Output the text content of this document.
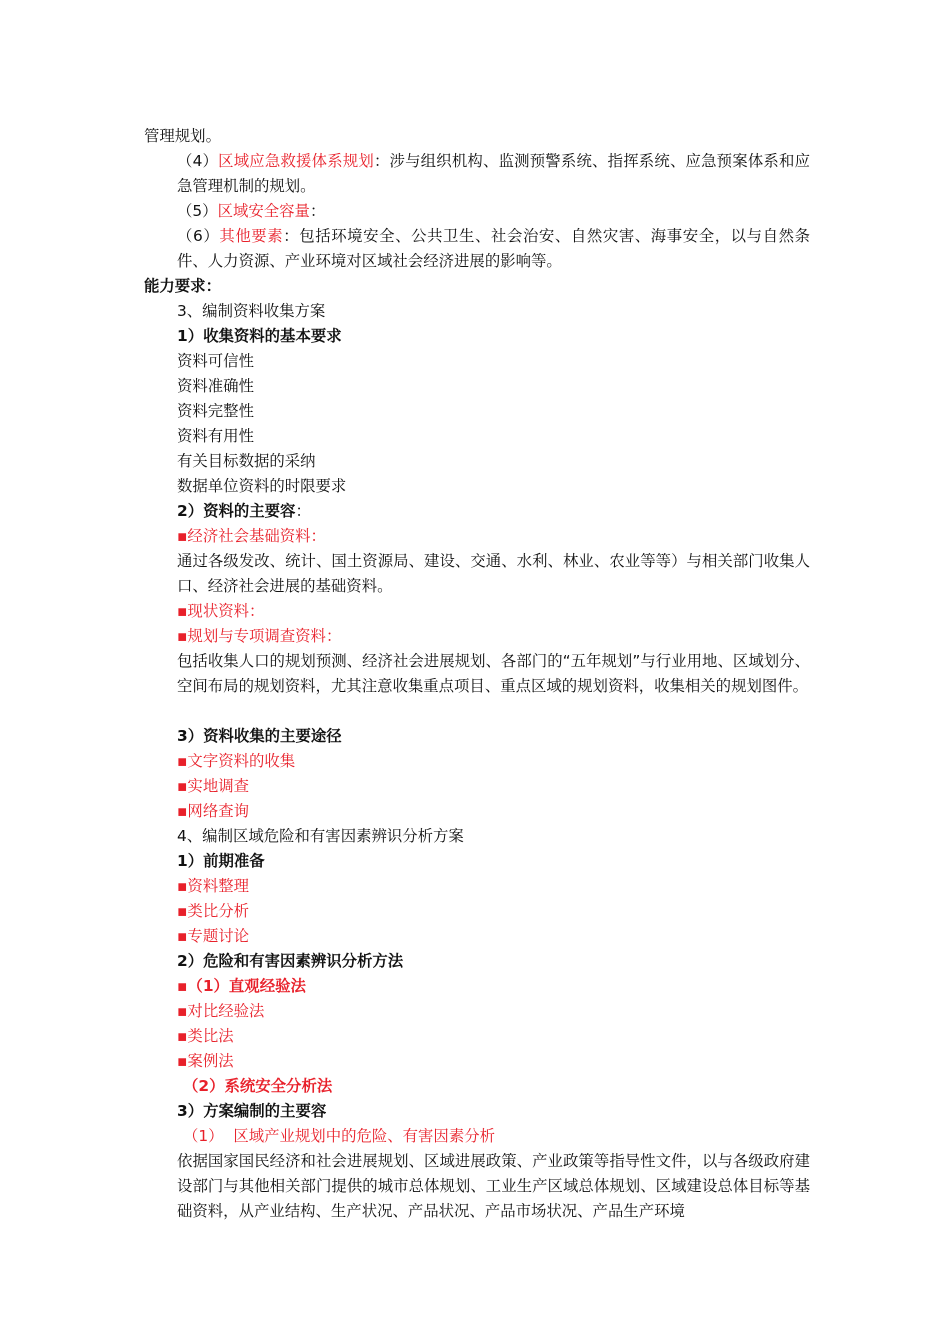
管理规划。
（4）区域应急救援体系规划：涉与组织机构、监测预警系统、指挥系统、应急预案体系和应急管理机制的规划。
（5）区域安全容量：
（6）其他要素：包括环境安全、公共卫生、社会治安、自然灾害、海事安全，以与自然条件、人力资源、产业环境对区域社会经济进展的影响等。
能力要求：
3、编制资料收集方案
1）收集资料的基本要求
资料可信性
资料准确性
资料完整性
资料有用性
有关目标数据的采纳
数据单位资料的时限要求
2）资料的主要容：
▪经济社会基础资料：
通过各级发改、统计、国土资源局、建设、交通、水利、林业、农业等等）与相关部门收集人口、经济社会进展的基础资料。
▪现状资料：
▪规划与专项调查资料：
包括收集人口的规划预测、经济社会进展规划、各部门的“五年规划”与行业用地、区域划分、空间布局的规划资料，尤其注意收集重点项目、重点区域的规划资料，收集相关的规划图件。
3）资料收集的主要途径
▪文字资料的收集
▪实地调查
▪网络查询
4、编制区域危险和有害因素辨识分析方案
1）前期准备
▪资料整理
▪类比分析
▪专题讨论
2）危险和有害因素辨识分析方法
▪（1）直观经验法
▪对比经验法
▪类比法
▪案例法
（2）系统安全分析法
3）方案编制的主要容
（1）  区域产业规划中的危险、有害因素分析
依据国家国民经济和社会进展规划、区域进展政策、产业政策等指导性文件，以与各级政府建设部门与其他相关部门提供的城市总体规划、工业生产区域总体规划、区域建设总体目标等基础资料，从产业结构、生产状况、产品状况、产品市场状况、产品生产环境
